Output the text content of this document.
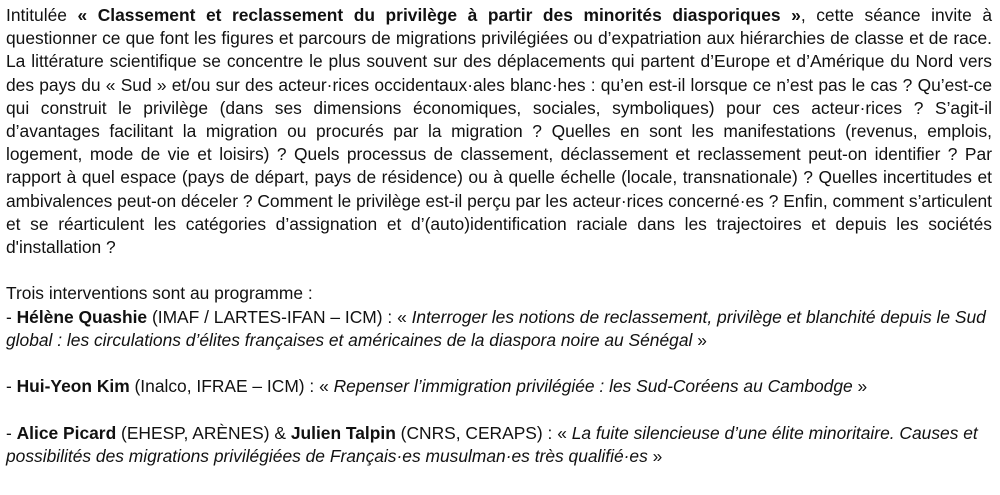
Intitulée « Classement et reclassement du privilège à partir des minorités diasporiques », cette séance invite à questionner ce que font les figures et parcours de migrations privilégiées ou d’expatriation aux hiérarchies de classe et de race. La littérature scientifique se concentre le plus souvent sur des déplacements qui partent d’Europe et d’Amérique du Nord vers des pays du « Sud » et/ou sur des acteur·rices occidentaux·ales blanc·hes : qu’en est-il lorsque ce n’est pas le cas ? Qu’est-ce qui construit le privilège (dans ses dimensions économiques, sociales, symboliques) pour ces acteur·rices ? S’agit-il d’avantages facilitant la migration ou procurés par la migration ? Quelles en sont les manifestations (revenus, emplois, logement, mode de vie et loisirs) ? Quels processus de classement, déclassement et reclassement peut-on identifier ? Par rapport à quel espace (pays de départ, pays de résidence) ou à quelle échelle (locale, transnationale) ? Quelles incertitudes et ambivalences peut-on déceler ? Comment le privilège est-il perçu par les acteur·rices concerné·es ? Enfin, comment s’articulent et se réarticulent les catégories d’assignation et d’(auto)identification raciale dans les trajectoires et depuis les sociétés d'installation ?

Trois interventions sont au programme :

- Hélène Quashie (IMAF / LARTES-IFAN – ICM) : « Interroger les notions de reclassement, privilège et blanchité depuis le Sud global : les circulations d’élites françaises et américaines de la diaspora noire au Sénégal »

- Hui-Yeon Kim (Inalco, IFRAE – ICM) : « Repenser l’immigration privilégiée : les Sud-Coréens au Cambodge »

- Alice Picard (EHESP, ARÈNES) & Julien Talpin (CNRS, CERAPS) : « La fuite silencieuse d’une élite minoritaire. Causes et possibilités des migrations privilégiées de Français·es musulman·es très qualifié·es »
